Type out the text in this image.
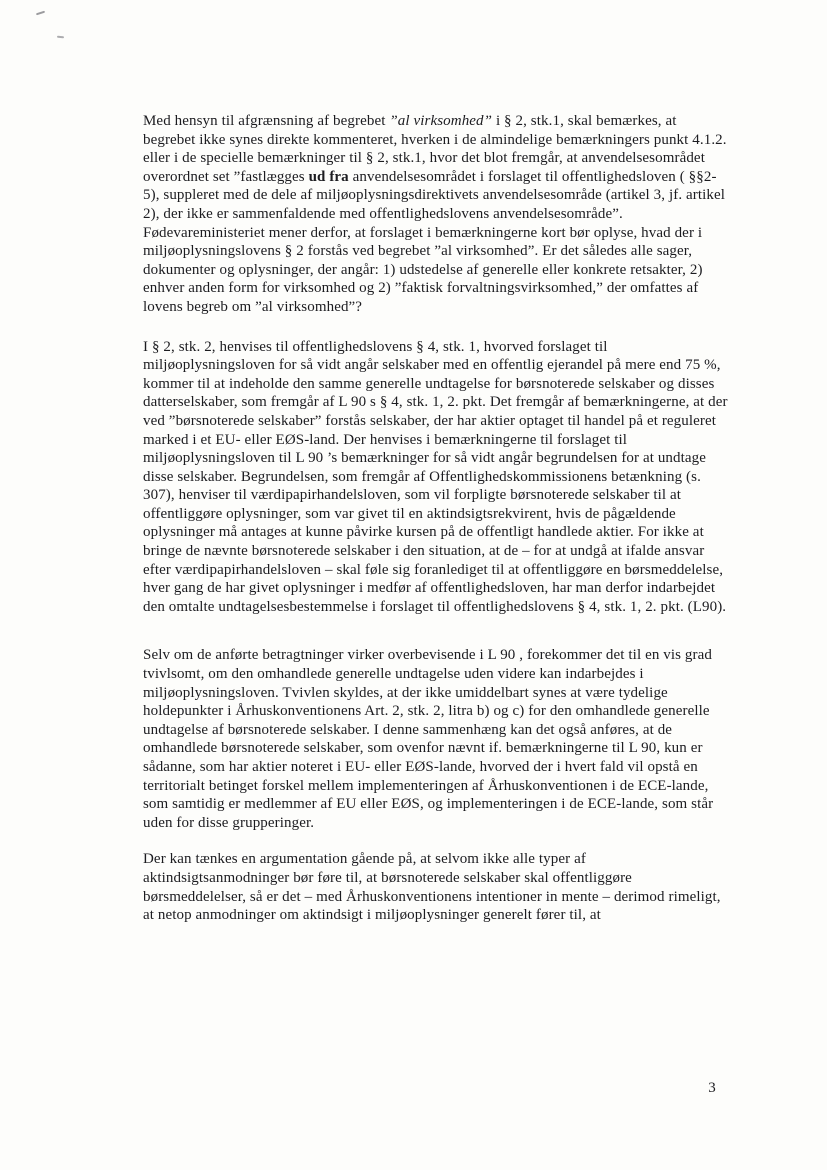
Med hensyn til afgrænsning af begrebet ”al virksomhed” i § 2, stk.1, skal bemærkes, at begrebet ikke synes direkte kommenteret, hverken i de almindelige bemærkningers punkt 4.1.2. eller i de specielle bemærkninger til § 2, stk.1, hvor det blot fremgår, at anvendelsesområdet overordnet set ”fastlægges ud fra anvendelsesområdet i forslaget til offentlighedsloven ( §§2-5), suppleret med de dele af miljøoplysningsdirektivets anvendelsesområde (artikel 3, jf. artikel 2), der ikke er sammenfaldende med offentlighedslovens anvendelsesområde”. Fødevareministeriet mener derfor, at forslaget i bemærkningerne kort bør oplyse, hvad der i miljøoplysningslovens § 2 forstås ved begrebet ”al virksomhed”. Er det således alle sager, dokumenter og oplysninger, der angår: 1) udstedelse af generelle eller konkrete retsakter, 2) enhver anden form for virksomhed og 2) ”faktisk forvaltningsvirksomhed,” der omfattes af lovens begreb om ”al virksomhed”?

I § 2, stk. 2, henvises til offentlighedslovens § 4, stk. 1, hvorved forslaget til miljøoplysningsloven for så vidt angår selskaber med en offentlig ejerandel på mere end 75 %, kommer til at indeholde den samme generelle undtagelse for børsnoterede selskaber og disses datterselskaber, som fremgår af L 90 s § 4, stk. 1, 2. pkt. Det fremgår af bemærkningerne, at der ved ”børsnoterede selskaber” forstås selskaber, der har aktier optaget til handel på et reguleret marked i et EU- eller EØS-land. Der henvises i bemærkningerne til forslaget til miljøoplysningsloven til L 90 ’s bemærkninger for så vidt angår begrundelsen for at undtage disse selskaber. Begrundelsen, som fremgår af Offentlighedskommissionens betænkning (s. 307), henviser til værdipapirhandelsloven, som vil forpligte børsnoterede selskaber til at offentliggøre oplysninger, som var givet til en aktindsigtsrekvirent, hvis de pågældende oplysninger må antages at kunne påvirke kursen på de offentligt handlede aktier. For ikke at bringe de nævnte børsnoterede selskaber i den situation, at de – for at undgå at ifalde ansvar efter værdipapirhandelsloven – skal føle sig foranlediget til at offentliggøre en børsmeddelelse, hver gang de har givet oplysninger i medfør af offentlighedsloven, har man derfor indarbejdet den omtalte undtagelsesbestemmelse i forslaget til offentlighedslovens § 4, stk. 1, 2. pkt. (L90).

Selv om de anførte betragtninger virker overbevisende i L 90 , forekommer det til en vis grad tvivlsomt, om den omhandlede generelle undtagelse uden videre kan indarbejdes i miljøoplysningsloven. Tvivlen skyldes, at der ikke umiddelbart synes at være tydelige holdepunkter i Århuskonventionens Art. 2, stk. 2, litra b) og c) for den omhandlede generelle undtagelse af børsnoterede selskaber. I denne sammenhæng kan det også anføres, at de omhandlede børsnoterede selskaber, som ovenfor nævnt if. bemærkningerne til L 90, kun er sådanne, som har aktier noteret i EU- eller EØS-lande, hvorved der i hvert fald vil opstå en territorialt betinget forskel mellem implementeringen af Århuskonventionen i de ECE-lande, som samtidig er medlemmer af EU eller EØS, og implementeringen i de ECE-lande, som står uden for disse grupperinger.

Der kan tænkes en argumentation gående på, at selvom ikke alle typer af aktindsigtsanmodninger bør føre til, at børsnoterede selskaber skal offentliggøre børsmeddelelser, så er det – med Århuskonventionens intentioner in mente – derimod rimeligt, at netop anmodninger om aktindsigt i miljøoplysninger generelt fører til, at

3
